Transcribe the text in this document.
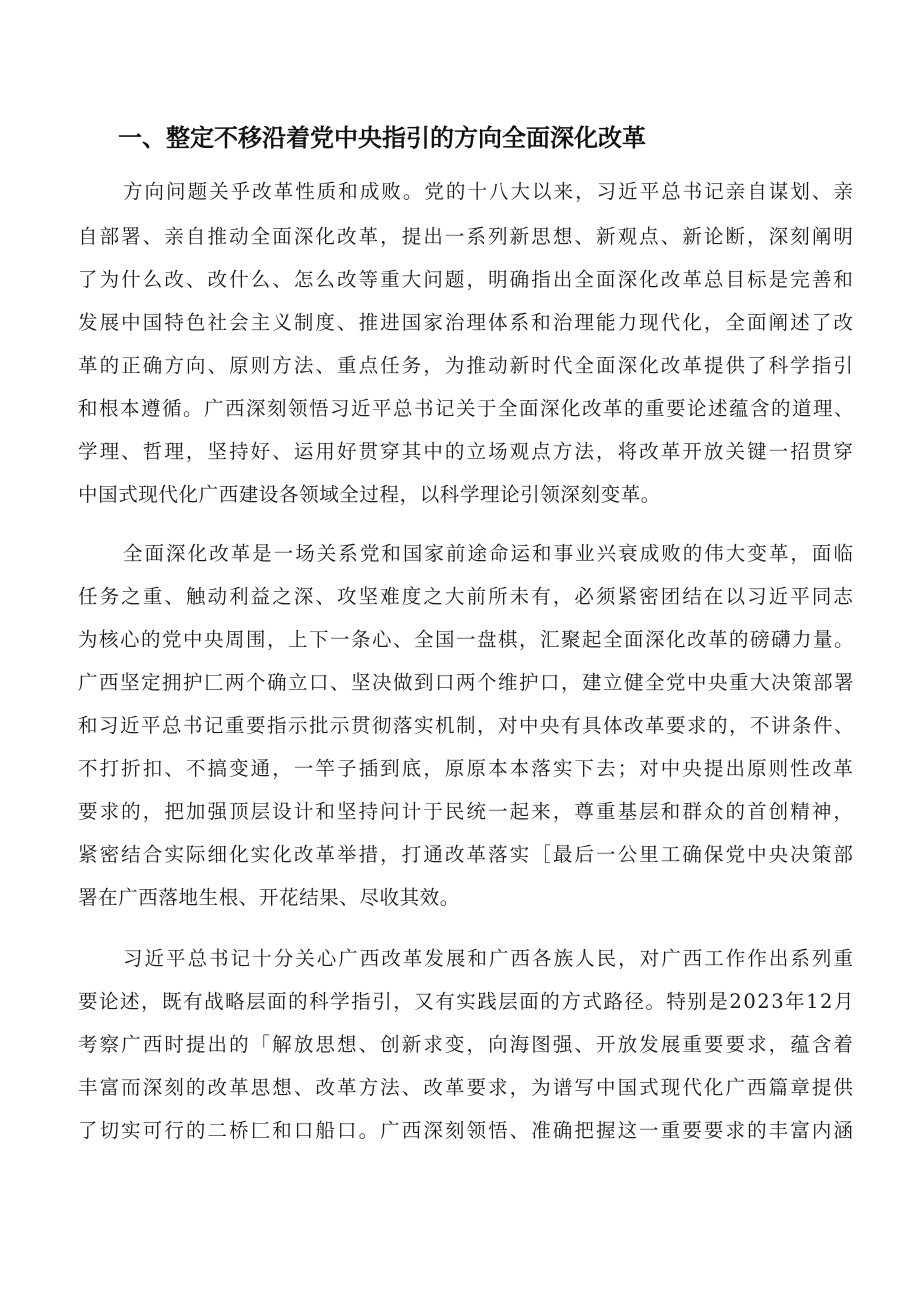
一、整定不移沿着党中央指引的方向全面深化改革
方向问题关乎改革性质和成败。党的十八大以来，习近平总书记亲自谋划、亲
自部署、亲自推动全面深化改革，提出一系列新思想、新观点、新论断，深刻阐明
了为什么改、改什么、怎么改等重大问题，明确指出全面深化改革总目标是完善和
发展中国特色社会主义制度、推进国家治理体系和治理能力现代化，全面阐述了改
革的正确方向、原则方法、重点任务，为推动新时代全面深化改革提供了科学指引
和根本遵循。广西深刻领悟习近平总书记关于全面深化改革的重要论述蕴含的道理、
学理、哲理，坚持好、运用好贯穿其中的立场观点方法，将改革开放关键一招贯穿
中国式现代化广西建设各领域全过程，以科学理论引领深刻变革。
全面深化改革是一场关系党和国家前途命运和事业兴衰成败的伟大变革，面临
任务之重、触动利益之深、攻坚难度之大前所未有，必须紧密团结在以习近平同志
为核心的党中央周围，上下一条心、全国一盘棋，汇聚起全面深化改革的磅礴力量。
广西坚定拥护匚两个确立口、坚决做到口两个维护口，建立健全党中央重大决策部署
和习近平总书记重要指示批示贯彻落实机制，对中央有具体改革要求的，不讲条件、
不打折扣、不搞变通，一竿子插到底，原原本本落实下去；对中央提出原则性改革
要求的，把加强顶层设计和坚持问计于民统一起来，尊重基层和群众的首创精神，
紧密结合实际细化实化改革举措，打通改革落实［最后一公里工确保党中央决策部
署在广西落地生根、开花结果、尽收其效。
习近平总书记十分关心广西改革发展和广西各族人民，对广西工作作出系列重
要论述，既有战略层面的科学指引，又有实践层面的方式路径。特别是2023年12月
考察广西时提出的「解放思想、创新求变，向海图强、开放发展重要要求，蕴含着
丰富而深刻的改革思想、改革方法、改革要求，为谱写中国式现代化广西篇章提供
了切实可行的二桥匚和口船口。广西深刻领悟、准确把握这一重要要求的丰富内涵
